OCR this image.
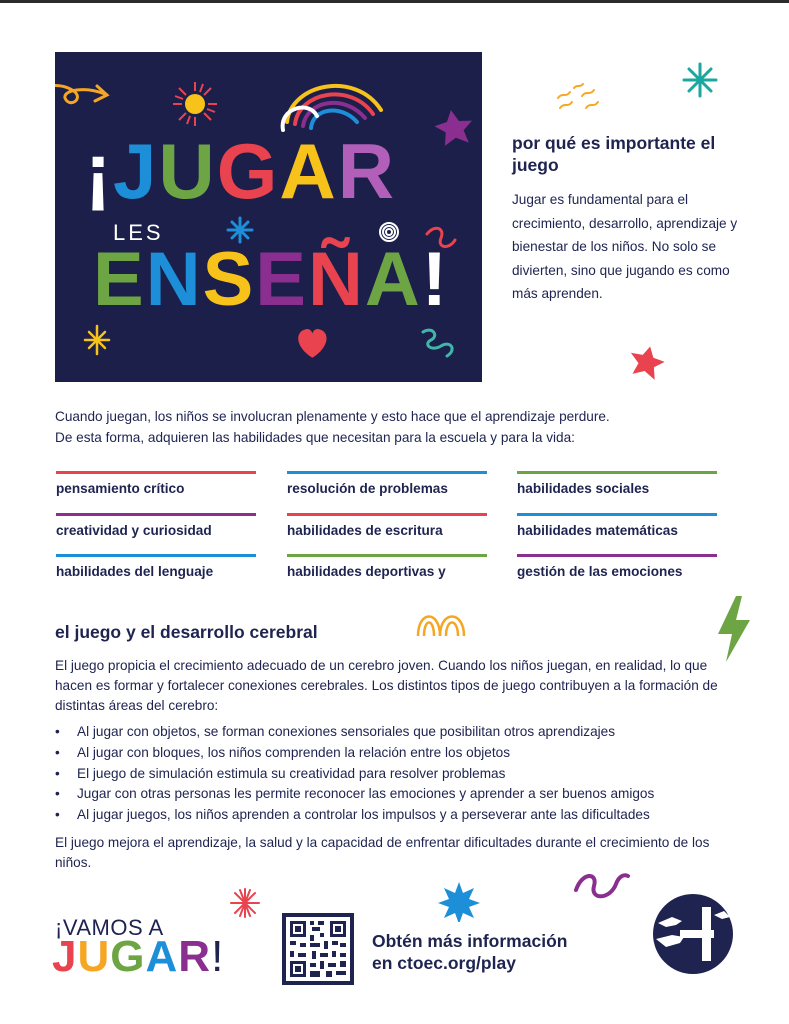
¡JUGAR
LES
ENSEÑA!
por qué es importante el juego
Jugar es fundamental para el crecimiento, desarrollo, aprendizaje y bienestar de los niños. No solo se divierten, sino que jugando es como más aprenden.
Cuando juegan, los niños se involucran plenamente y esto hace que el aprendizaje perdure.
De esta forma, adquieren las habilidades que necesitan para la escuela y para la vida:
pensamiento crítico	resolución de problemas	habilidades sociales
creatividad y curiosidad	habilidades de escritura	habilidades matemáticas
habilidades del lenguaje	habilidades deportivas y	gestión de las emociones
el juego y el desarrollo cerebral
El juego propicia el crecimiento adecuado de un cerebro joven. Cuando los niños juegan, en realidad, lo que hacen es formar y fortalecer conexiones cerebrales. Los distintos tipos de juego contribuyen a la formación de distintas áreas del cerebro:
• Al jugar con objetos, se forman conexiones sensoriales que posibilitan otros aprendizajes
• Al jugar con bloques, los niños comprenden la relación entre los objetos
• El juego de simulación estimula su creatividad para resolver problemas
• Jugar con otras personas les permite reconocer las emociones y aprender a ser buenos amigos
• Al jugar juegos, los niños aprenden a controlar los impulsos y a perseverar ante las dificultades
El juego mejora el aprendizaje, la salud y la capacidad de enfrentar dificultades durante el crecimiento de los niños.
¡VAMOS A
JUGAR!	Obtén más información
en ctoec.org/play
